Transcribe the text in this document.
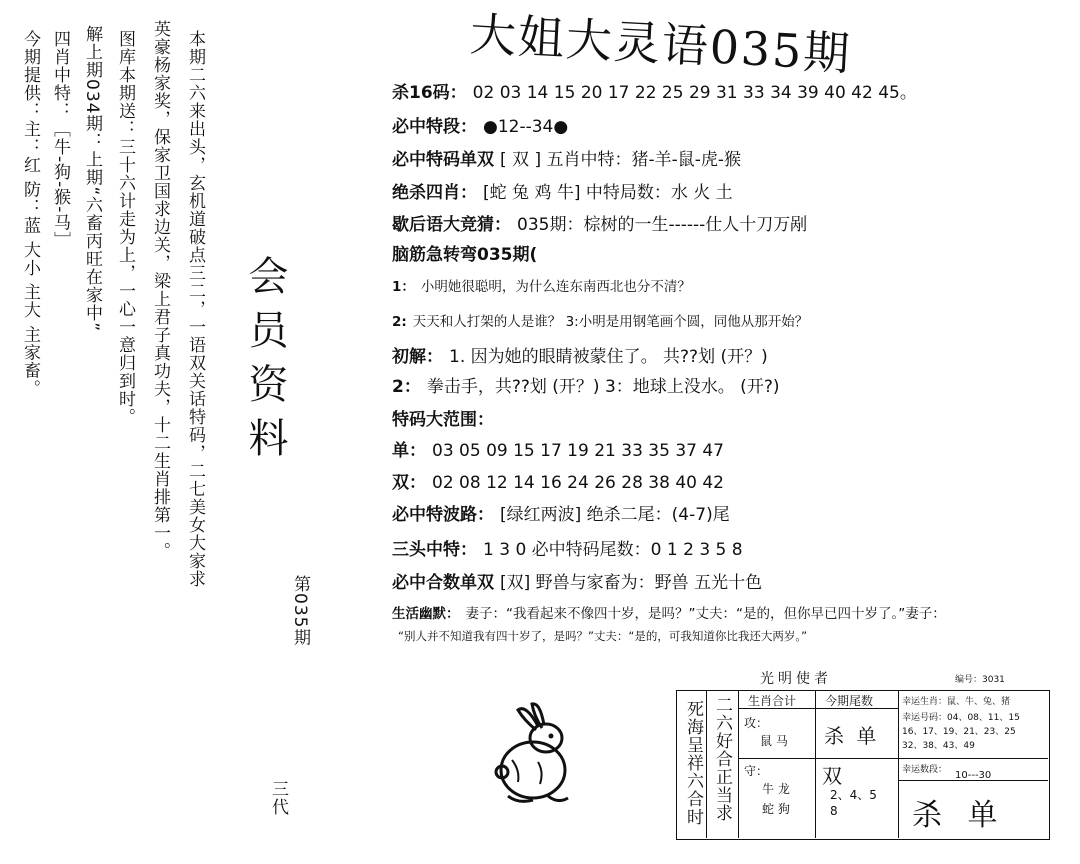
大姐大灵语035期
今期提供：主：红 防：蓝 大小 主大 主家畜。 四肖中特：［牛-狗-猴-马］ 解上期034期：上期“六畜丙旺在家中” 图库本期送：三十六计走为上，一心一意归到时。 英豪杨家奖，保家卫国求边关，梁上君子真功夫，十二生肖排第一。 本期二六来出头，玄机道破点三二，一语双关话特码，二七美女大家求
三代
会员资料
第035期
杀16码： 02 03 14 15 20 17 22 25 29 31 33 34 39 40 42 45。
必中特段： ●12--34●
必中特码单双 [ 双 ] 五肖中特：猪-羊-鼠-虎-猴
绝杀四肖： [蛇 兔 鸡 牛] 中特局数：水 火 土
歇后语大竞猜： 035期：棕树的一生------仕人十刀万剐
脑筋急转弯035期(
1： 小明她很聪明，为什么连东南西北也分不清？
2: 天天和人打架的人是谁？ 3:小明是用钢笔画个圆，同他从那开始？
初解： 1. 因为她的眼睛被蒙住了。 共??划 (开？)
2： 拳击手，共??划 (开？) 3：地球上没水。 (开?)
特码大范围：
单： 03 05 09 15 17 19 21 33 35 37 47
双： 02 08 12 14 16 24 26 28 38 40 42
必中特波路： [绿红两波] 绝杀二尾：(4-7)尾
三头中特： 1 3 0 必中特码尾数：0 1 2 3 5 8
必中合数单双 [双] 野兽与家畜为：野兽 五光十色
生活幽默： 妻子：“我看起来不像四十岁，是吗？”丈夫：“是的，但你早已四十岁了。”妻子：
“别人并不知道我有四十岁了，是吗？”丈夫：“是的，可我知道你比我还大两岁。”
光明使者	编号：3031
死海呈祥六合时 二六好合正当求 生肖合计 今期尾数
攻：
鼠 马
守：
牛 龙
蛇 狗
杀 单
双
2、4、5
8
幸运生肖：鼠、牛、兔、猪
幸运号码：04、08、11、15
16、17、19、21、23、25
32、38、43、49
幸运数段： 10---30
杀 单
